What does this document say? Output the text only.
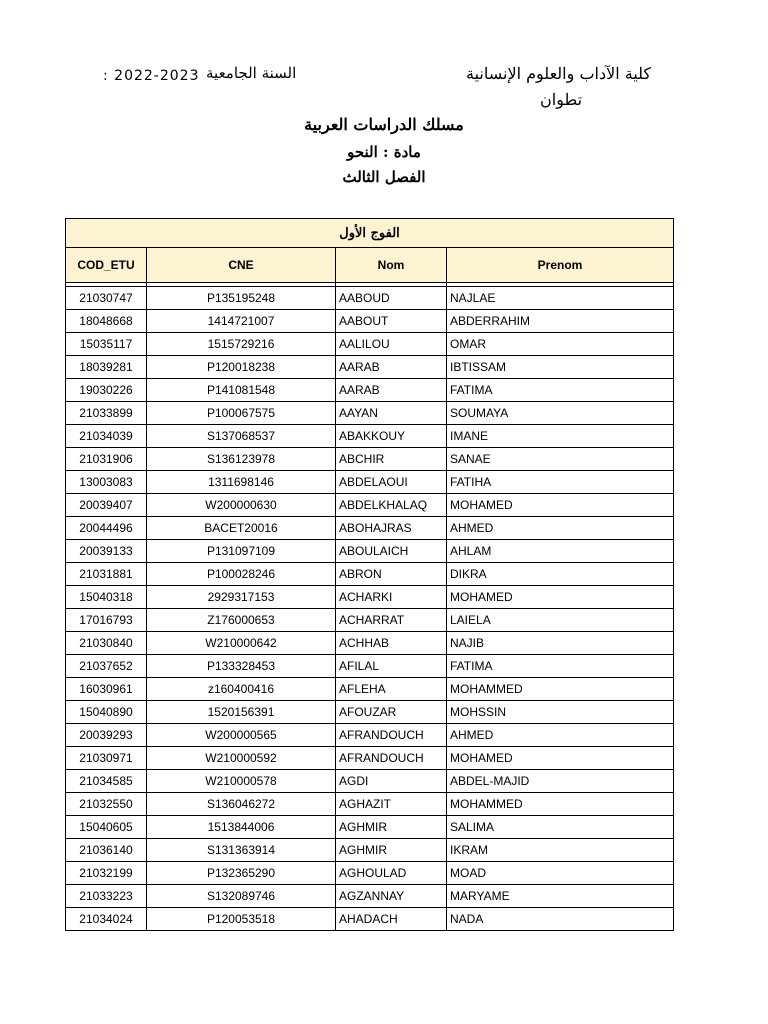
كلية الآداب والعلوم الإنسانية
تطوان
السنة الجامعية
: 2022-2023
مسلك الدراسات العربية
مادة : النحو
الفصل الثالث
الفوج الأول			
COD_ETU	CNE	Nom	Prenom

21030747	P135195248	AABOUD	NAJLAE
18048668	1414721007	AABOUT	ABDERRAHIM
15035117	1515729216	AALILOU	OMAR
18039281	P120018238	AARAB	IBTISSAM
19030226	P141081548	AARAB	FATIMA
21033899	P100067575	AAYAN	SOUMAYA
21034039	S137068537	ABAKKOUY	IMANE
21031906	S136123978	ABCHIR	SANAE
13003083	1311698146	ABDELAOUI	FATIHA
20039407	W200000630	ABDELKHALAQ	MOHAMED
20044496	BACET20016	ABOHAJRAS	AHMED
20039133	P131097109	ABOULAICH	AHLAM
21031881	P100028246	ABRON	DIKRA
15040318	2929317153	ACHARKI	MOHAMED
17016793	Z176000653	ACHARRAT	LAIELA
21030840	W210000642	ACHHAB	NAJIB
21037652	P133328453	AFILAL	FATIMA
16030961	z160400416	AFLEHA	MOHAMMED
15040890	1520156391	AFOUZAR	MOHSSIN
20039293	W200000565	AFRANDOUCH	AHMED
21030971	W210000592	AFRANDOUCH	MOHAMED
21034585	W210000578	AGDI	ABDEL-MAJID
21032550	S136046272	AGHAZIT	MOHAMMED
15040605	1513844006	AGHMIR	SALIMA
21036140	S131363914	AGHMIR	IKRAM
21032199	P132365290	AGHOULAD	MOAD
21033223	S132089746	AGZANNAY	MARYAME
21034024	P120053518	AHADACH	NADA
